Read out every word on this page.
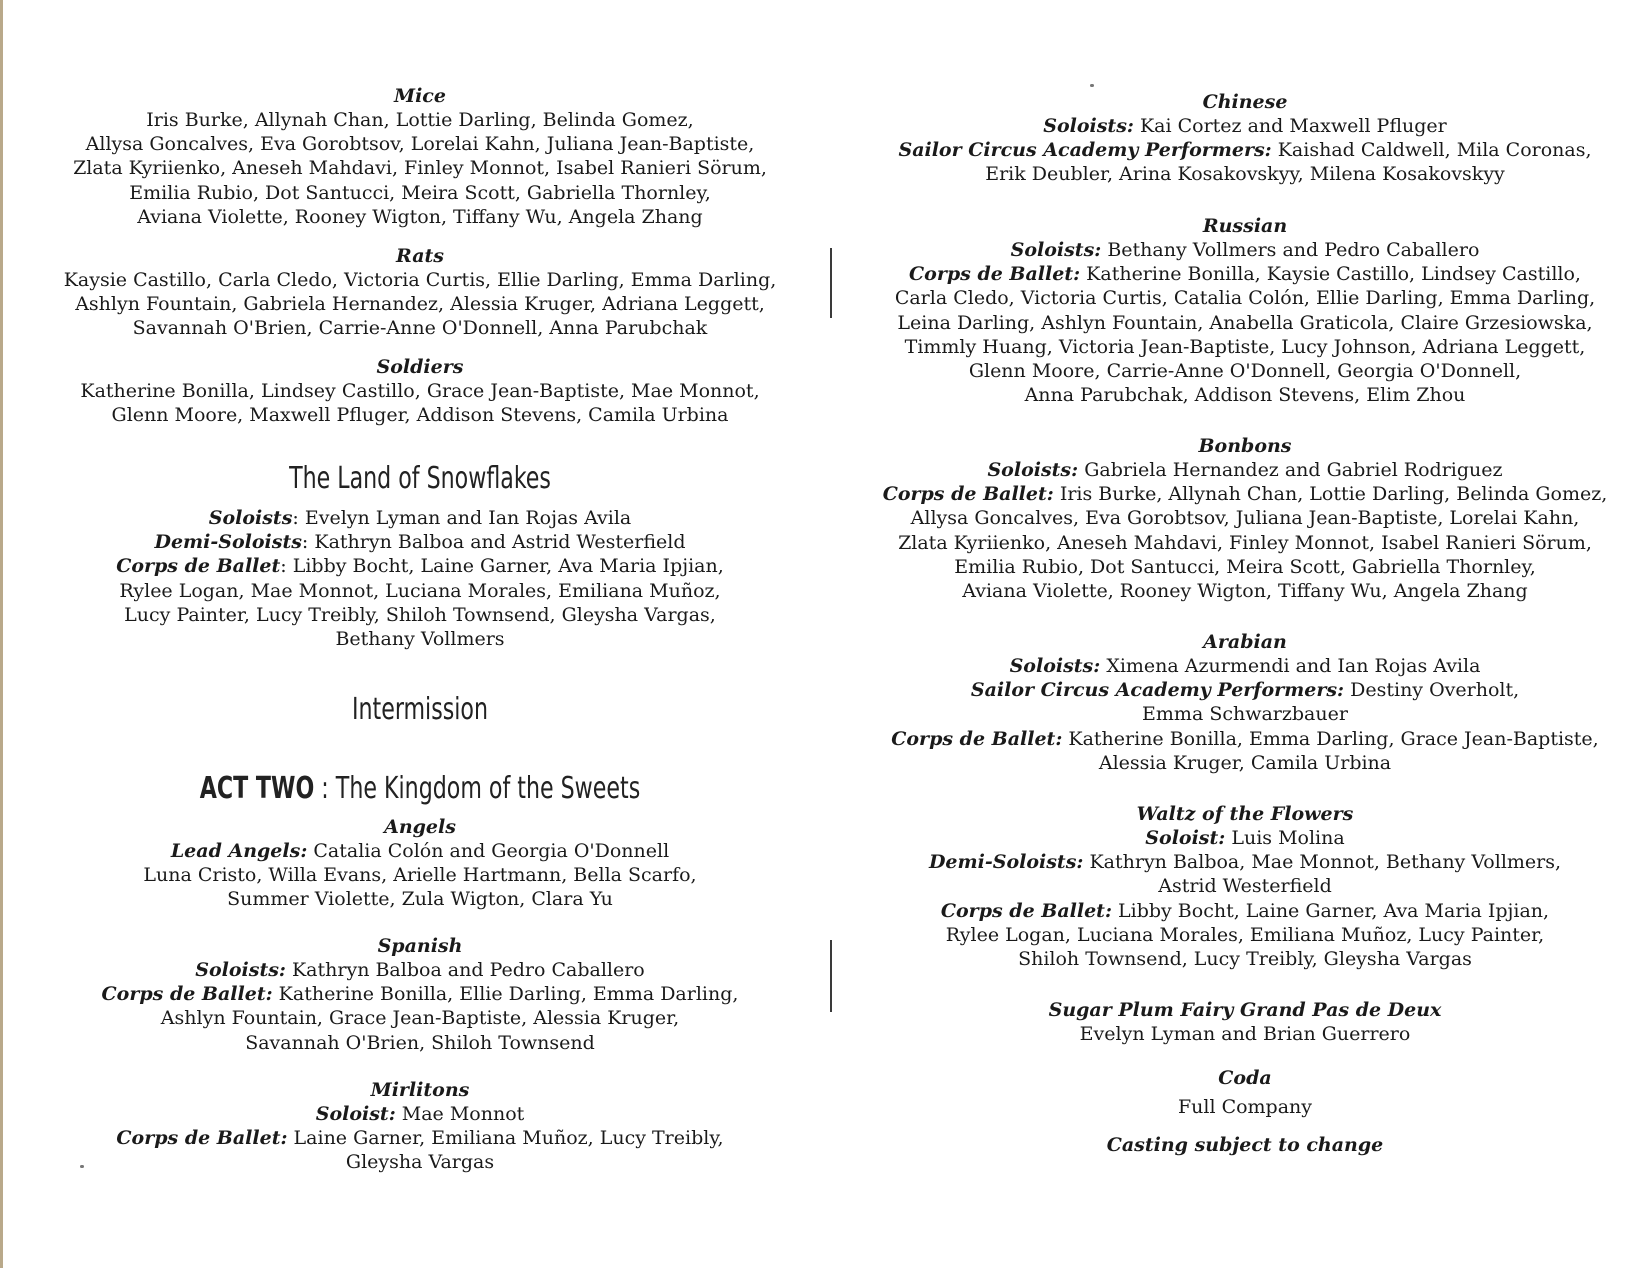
Mice
Iris Burke, Allynah Chan, Lottie Darling, Belinda Gomez,
Allysa Goncalves, Eva Gorobtsov, Lorelai Kahn, Juliana Jean-Baptiste,
Zlata Kyriienko, Aneseh Mahdavi, Finley Monnot, Isabel Ranieri Sörum,
Emilia Rubio, Dot Santucci, Meira Scott, Gabriella Thornley,
Aviana Violette, Rooney Wigton, Tiffany Wu, Angela Zhang
Rats
Kaysie Castillo, Carla Cledo, Victoria Curtis, Ellie Darling, Emma Darling,
Ashlyn Fountain, Gabriela Hernandez, Alessia Kruger, Adriana Leggett,
Savannah O'Brien, Carrie-Anne O'Donnell, Anna Parubchak
Soldiers
Katherine Bonilla, Lindsey Castillo, Grace Jean-Baptiste, Mae Monnot,
Glenn Moore, Maxwell Pfluger, Addison Stevens, Camila Urbina
The Land of Snowflakes
Soloists: Evelyn Lyman and Ian Rojas Avila
Demi-Soloists: Kathryn Balboa and Astrid Westerfield
Corps de Ballet: Libby Bocht, Laine Garner, Ava Maria Ipjian,
Rylee Logan, Mae Monnot, Luciana Morales, Emiliana Muñoz,
Lucy Painter, Lucy Treibly, Shiloh Townsend, Gleysha Vargas,
Bethany Vollmers
Intermission
ACT TWO : The Kingdom of the Sweets
Angels
Lead Angels: Catalia Colón and Georgia O'Donnell
Luna Cristo, Willa Evans, Arielle Hartmann, Bella Scarfo,
Summer Violette, Zula Wigton, Clara Yu
Spanish
Soloists: Kathryn Balboa and Pedro Caballero
Corps de Ballet: Katherine Bonilla, Ellie Darling, Emma Darling,
Ashlyn Fountain, Grace Jean-Baptiste, Alessia Kruger,
Savannah O'Brien, Shiloh Townsend
Mirlitons
Soloist: Mae Monnot
Corps de Ballet: Laine Garner, Emiliana Muñoz, Lucy Treibly,
Gleysha Vargas
Chinese
Soloists: Kai Cortez and Maxwell Pfluger
Sailor Circus Academy Performers: Kaishad Caldwell, Mila Coronas,
Erik Deubler, Arina Kosakovskyy, Milena Kosakovskyy
Russian
Soloists: Bethany Vollmers and Pedro Caballero
Corps de Ballet: Katherine Bonilla, Kaysie Castillo, Lindsey Castillo,
Carla Cledo, Victoria Curtis, Catalia Colón, Ellie Darling, Emma Darling,
Leina Darling, Ashlyn Fountain, Anabella Graticola, Claire Grzesiowska,
Timmly Huang, Victoria Jean-Baptiste, Lucy Johnson, Adriana Leggett,
Glenn Moore, Carrie-Anne O'Donnell, Georgia O'Donnell,
Anna Parubchak, Addison Stevens, Elim Zhou
Bonbons
Soloists: Gabriela Hernandez and Gabriel Rodriguez
Corps de Ballet: Iris Burke, Allynah Chan, Lottie Darling, Belinda Gomez,
Allysa Goncalves, Eva Gorobtsov, Juliana Jean-Baptiste, Lorelai Kahn,
Zlata Kyriienko, Aneseh Mahdavi, Finley Monnot, Isabel Ranieri Sörum,
Emilia Rubio, Dot Santucci, Meira Scott, Gabriella Thornley,
Aviana Violette, Rooney Wigton, Tiffany Wu, Angela Zhang
Arabian
Soloists: Ximena Azurmendi and Ian Rojas Avila
Sailor Circus Academy Performers: Destiny Overholt,
Emma Schwarzbauer
Corps de Ballet: Katherine Bonilla, Emma Darling, Grace Jean-Baptiste,
Alessia Kruger, Camila Urbina
Waltz of the Flowers
Soloist: Luis Molina
Demi-Soloists: Kathryn Balboa, Mae Monnot, Bethany Vollmers,
Astrid Westerfield
Corps de Ballet: Libby Bocht, Laine Garner, Ava Maria Ipjian,
Rylee Logan, Luciana Morales, Emiliana Muñoz, Lucy Painter,
Shiloh Townsend, Lucy Treibly, Gleysha Vargas
Sugar Plum Fairy Grand Pas de Deux
Evelyn Lyman and Brian Guerrero
Coda
Full Company
Casting subject to change
